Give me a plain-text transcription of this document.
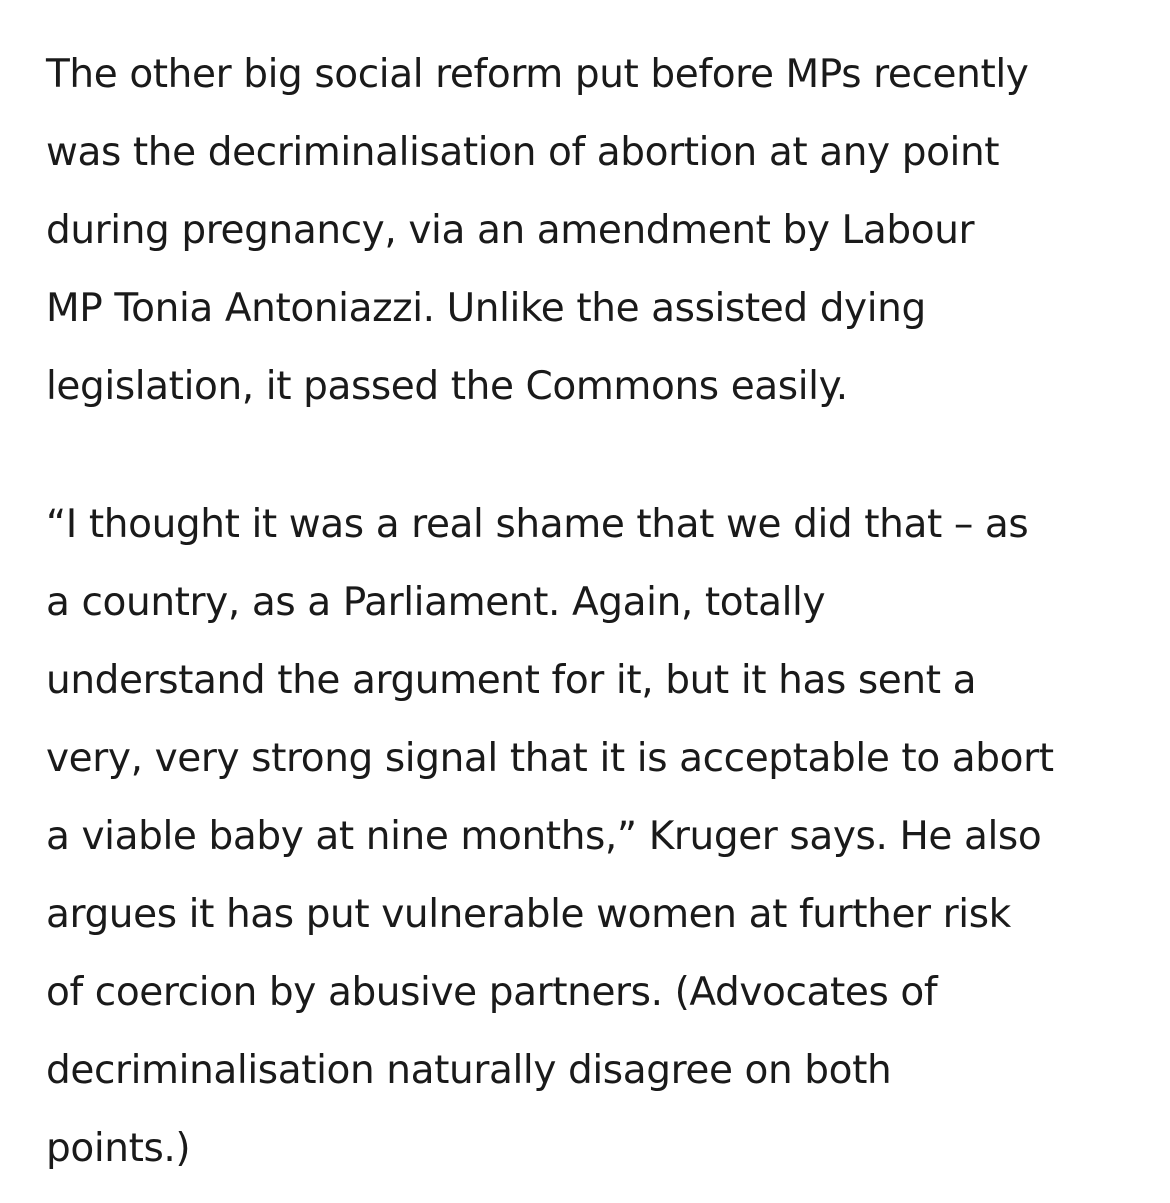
The other big social reform put before MPs recently
was the decriminalisation of abortion at any point
during pregnancy, via an amendment by Labour
MP Tonia Antoniazzi. Unlike the assisted dying
legislation, it passed the Commons easily.

“I thought it was a real shame that we did that – as
a country, as a Parliament. Again, totally
understand the argument for it, but it has sent a
very, very strong signal that it is acceptable to abort
a viable baby at nine months,” Kruger says. He also
argues it has put vulnerable women at further risk
of coercion by abusive partners. (Advocates of
decriminalisation naturally disagree on both
points.)
